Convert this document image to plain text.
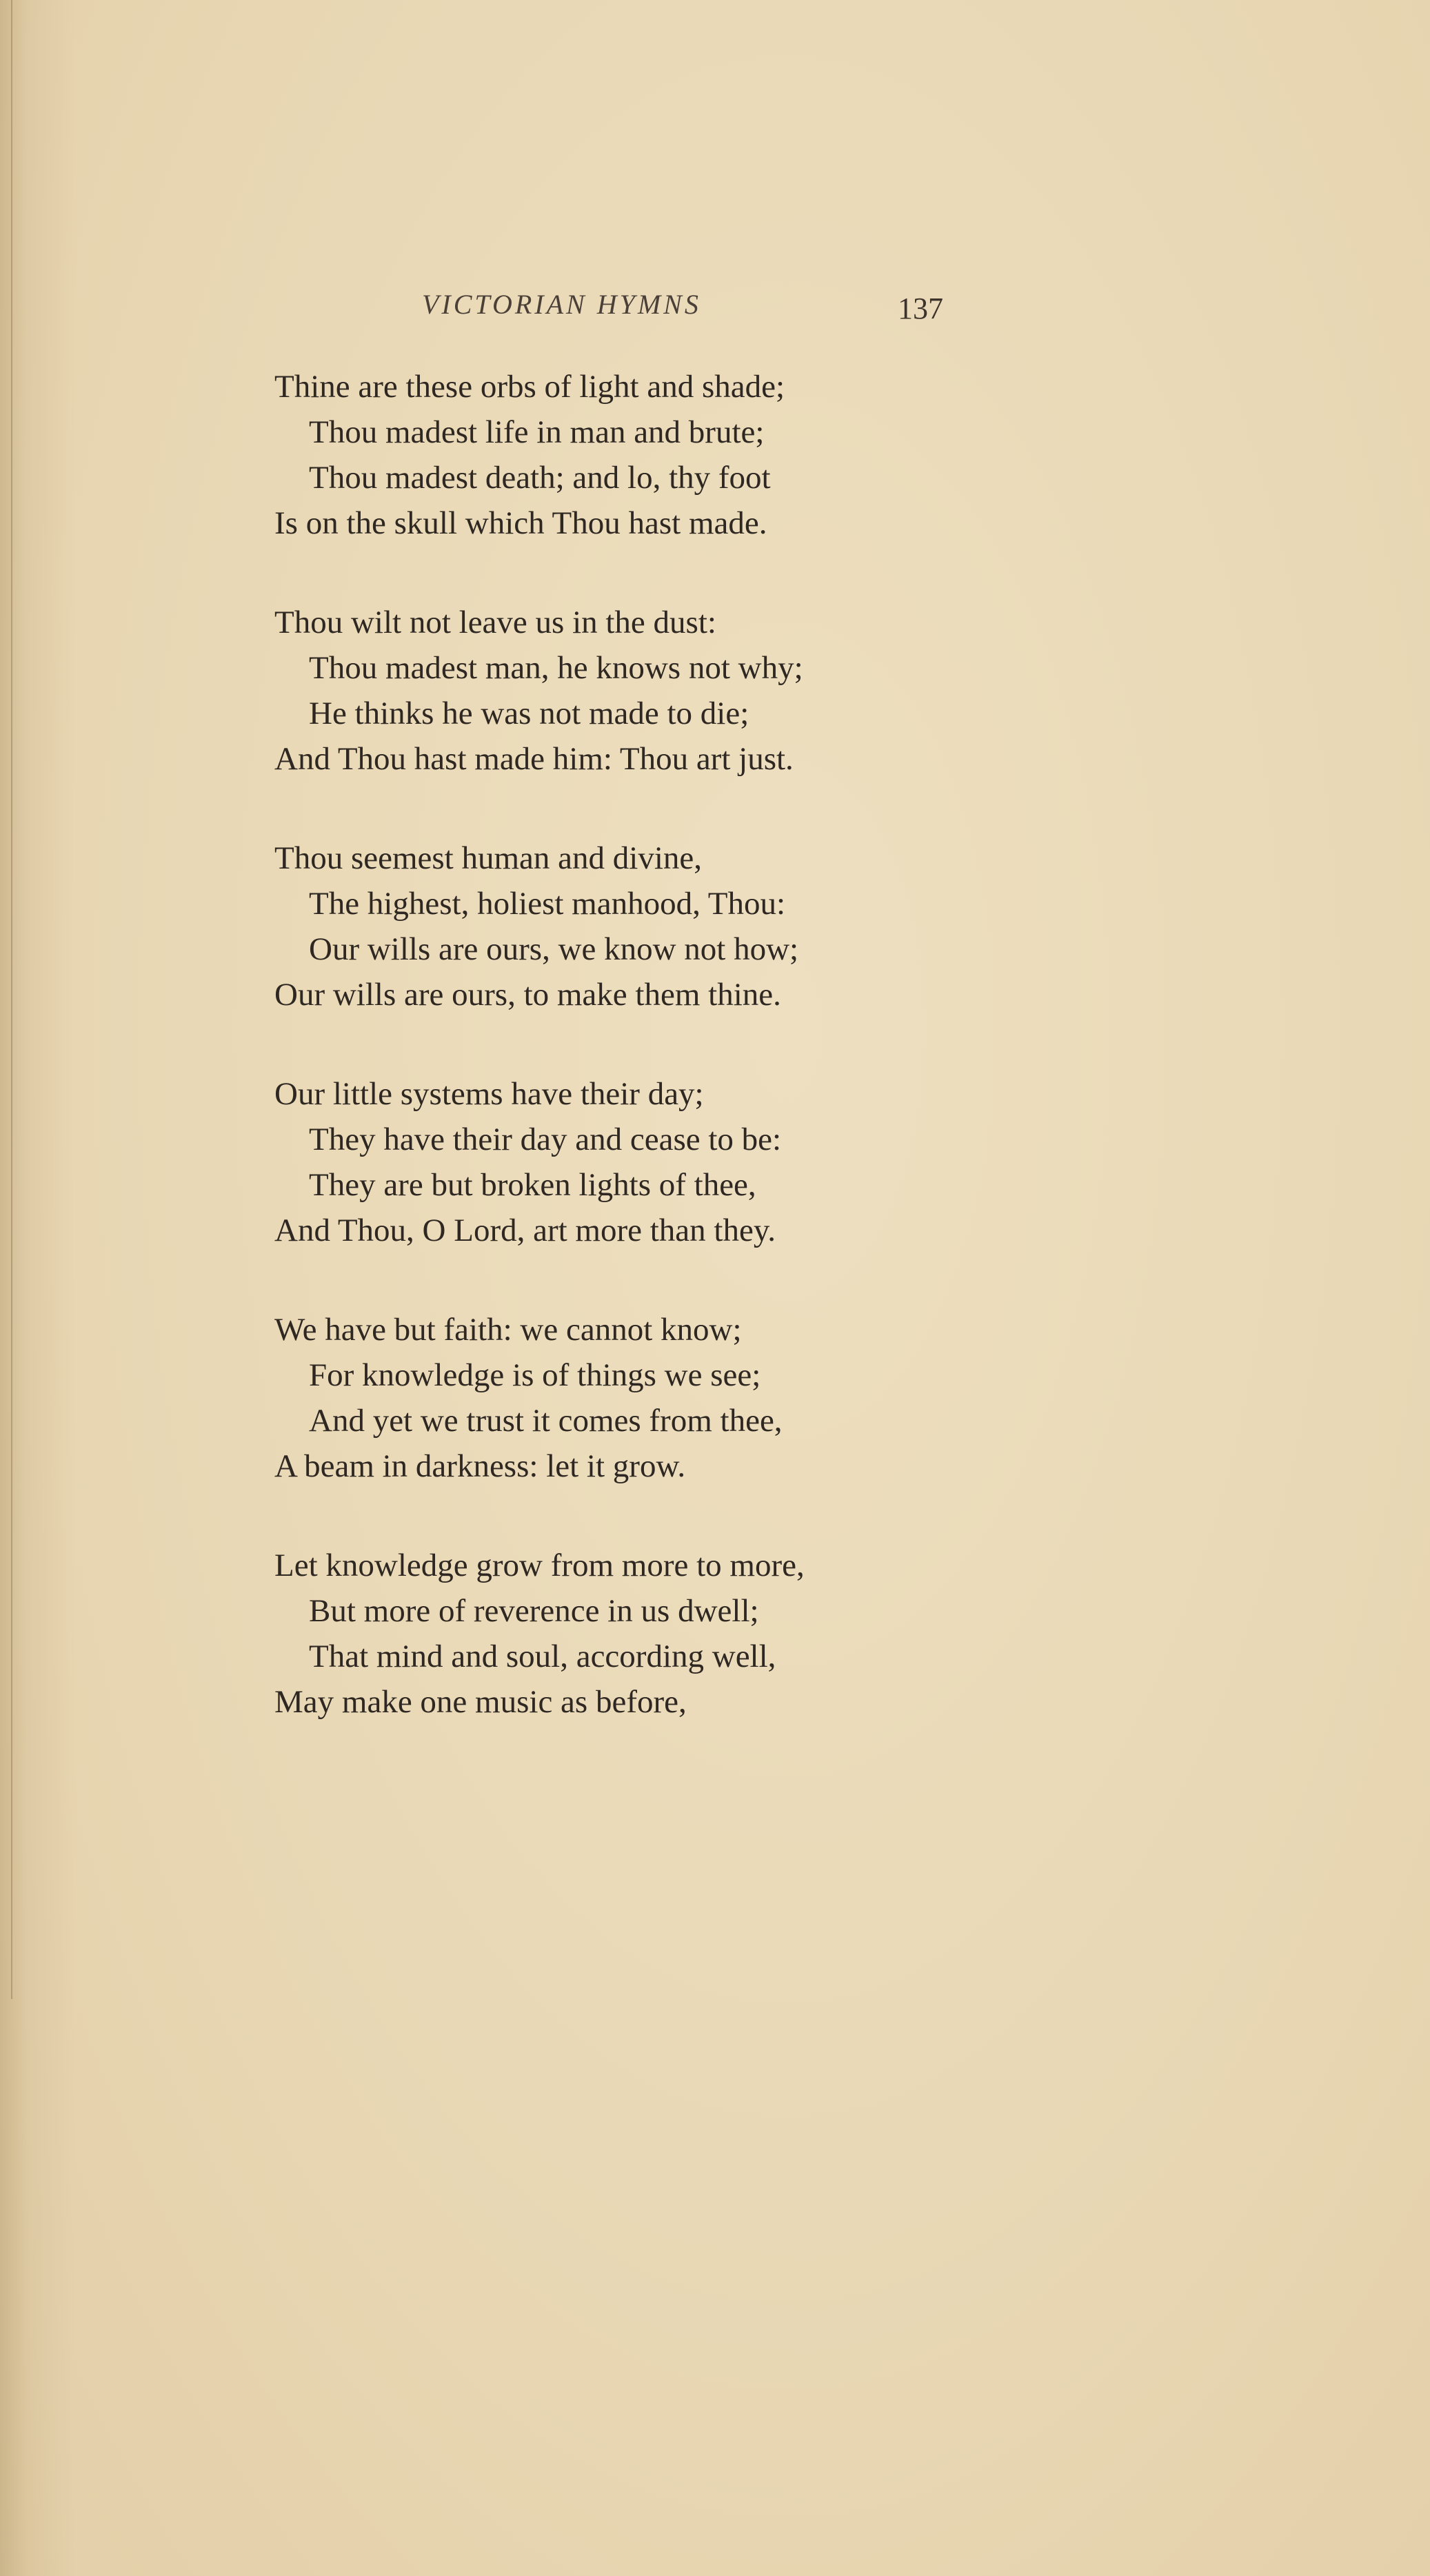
VICTORIAN HYMNS	137
Thine are these orbs of light and shade;
Thou madest life in man and brute;
Thou madest death; and lo, thy foot
Is on the skull which Thou hast made.
Thou wilt not leave us in the dust:
Thou madest man, he knows not why;
He thinks he was not made to die;
And Thou hast made him: Thou art just.
Thou seemest human and divine,
The highest, holiest manhood, Thou:
Our wills are ours, we know not how;
Our wills are ours, to make them thine.
Our little systems have their day;
They have their day and cease to be:
They are but broken lights of thee,
And Thou, O Lord, art more than they.
We have but faith: we cannot know;
For knowledge is of things we see;
And yet we trust it comes from thee,
A beam in darkness: let it grow.
Let knowledge grow from more to more,
But more of reverence in us dwell;
That mind and soul, according well,
May make one music as before,
